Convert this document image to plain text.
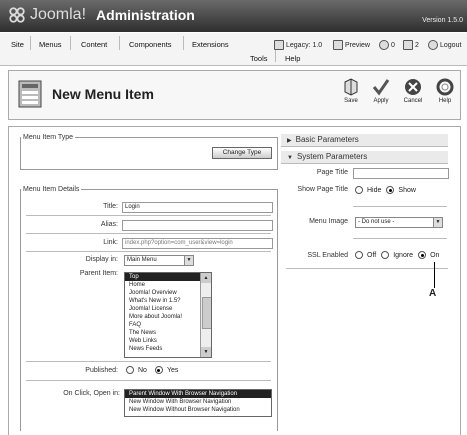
Joomla! Administration	Version 1.5.0
Site Menus	Content	Components	Extensions
Tools Help
Legacy: 1.0	Preview	0	2	Logout
New Menu Item	Save	Apply	Cancel	Help
Menu Item Type
Change Type
Menu Item Details
Title:	Login
Alias:
Link:	index.php?option=com_user&view=login
Display in:	Main Menu	▼
Parent Item:	Top
Home
Joomla! Overview
What's New in 1.5?
Joomla! License
More about Joomla!
FAQ
The News
Web Links
News Feeds
▲
▼
Published:	No	Yes
On Click, Open in:	Parent Window With Browser Navigation
New Window With Browser Navigation
New Window Without Browser Navigation
▶ Basic Parameters
▼ System Parameters
Page Title
Show Page Title	Hide Show
Menu Image	- Do not use -	▼
SSL Enabled	Off Ignore On
A
